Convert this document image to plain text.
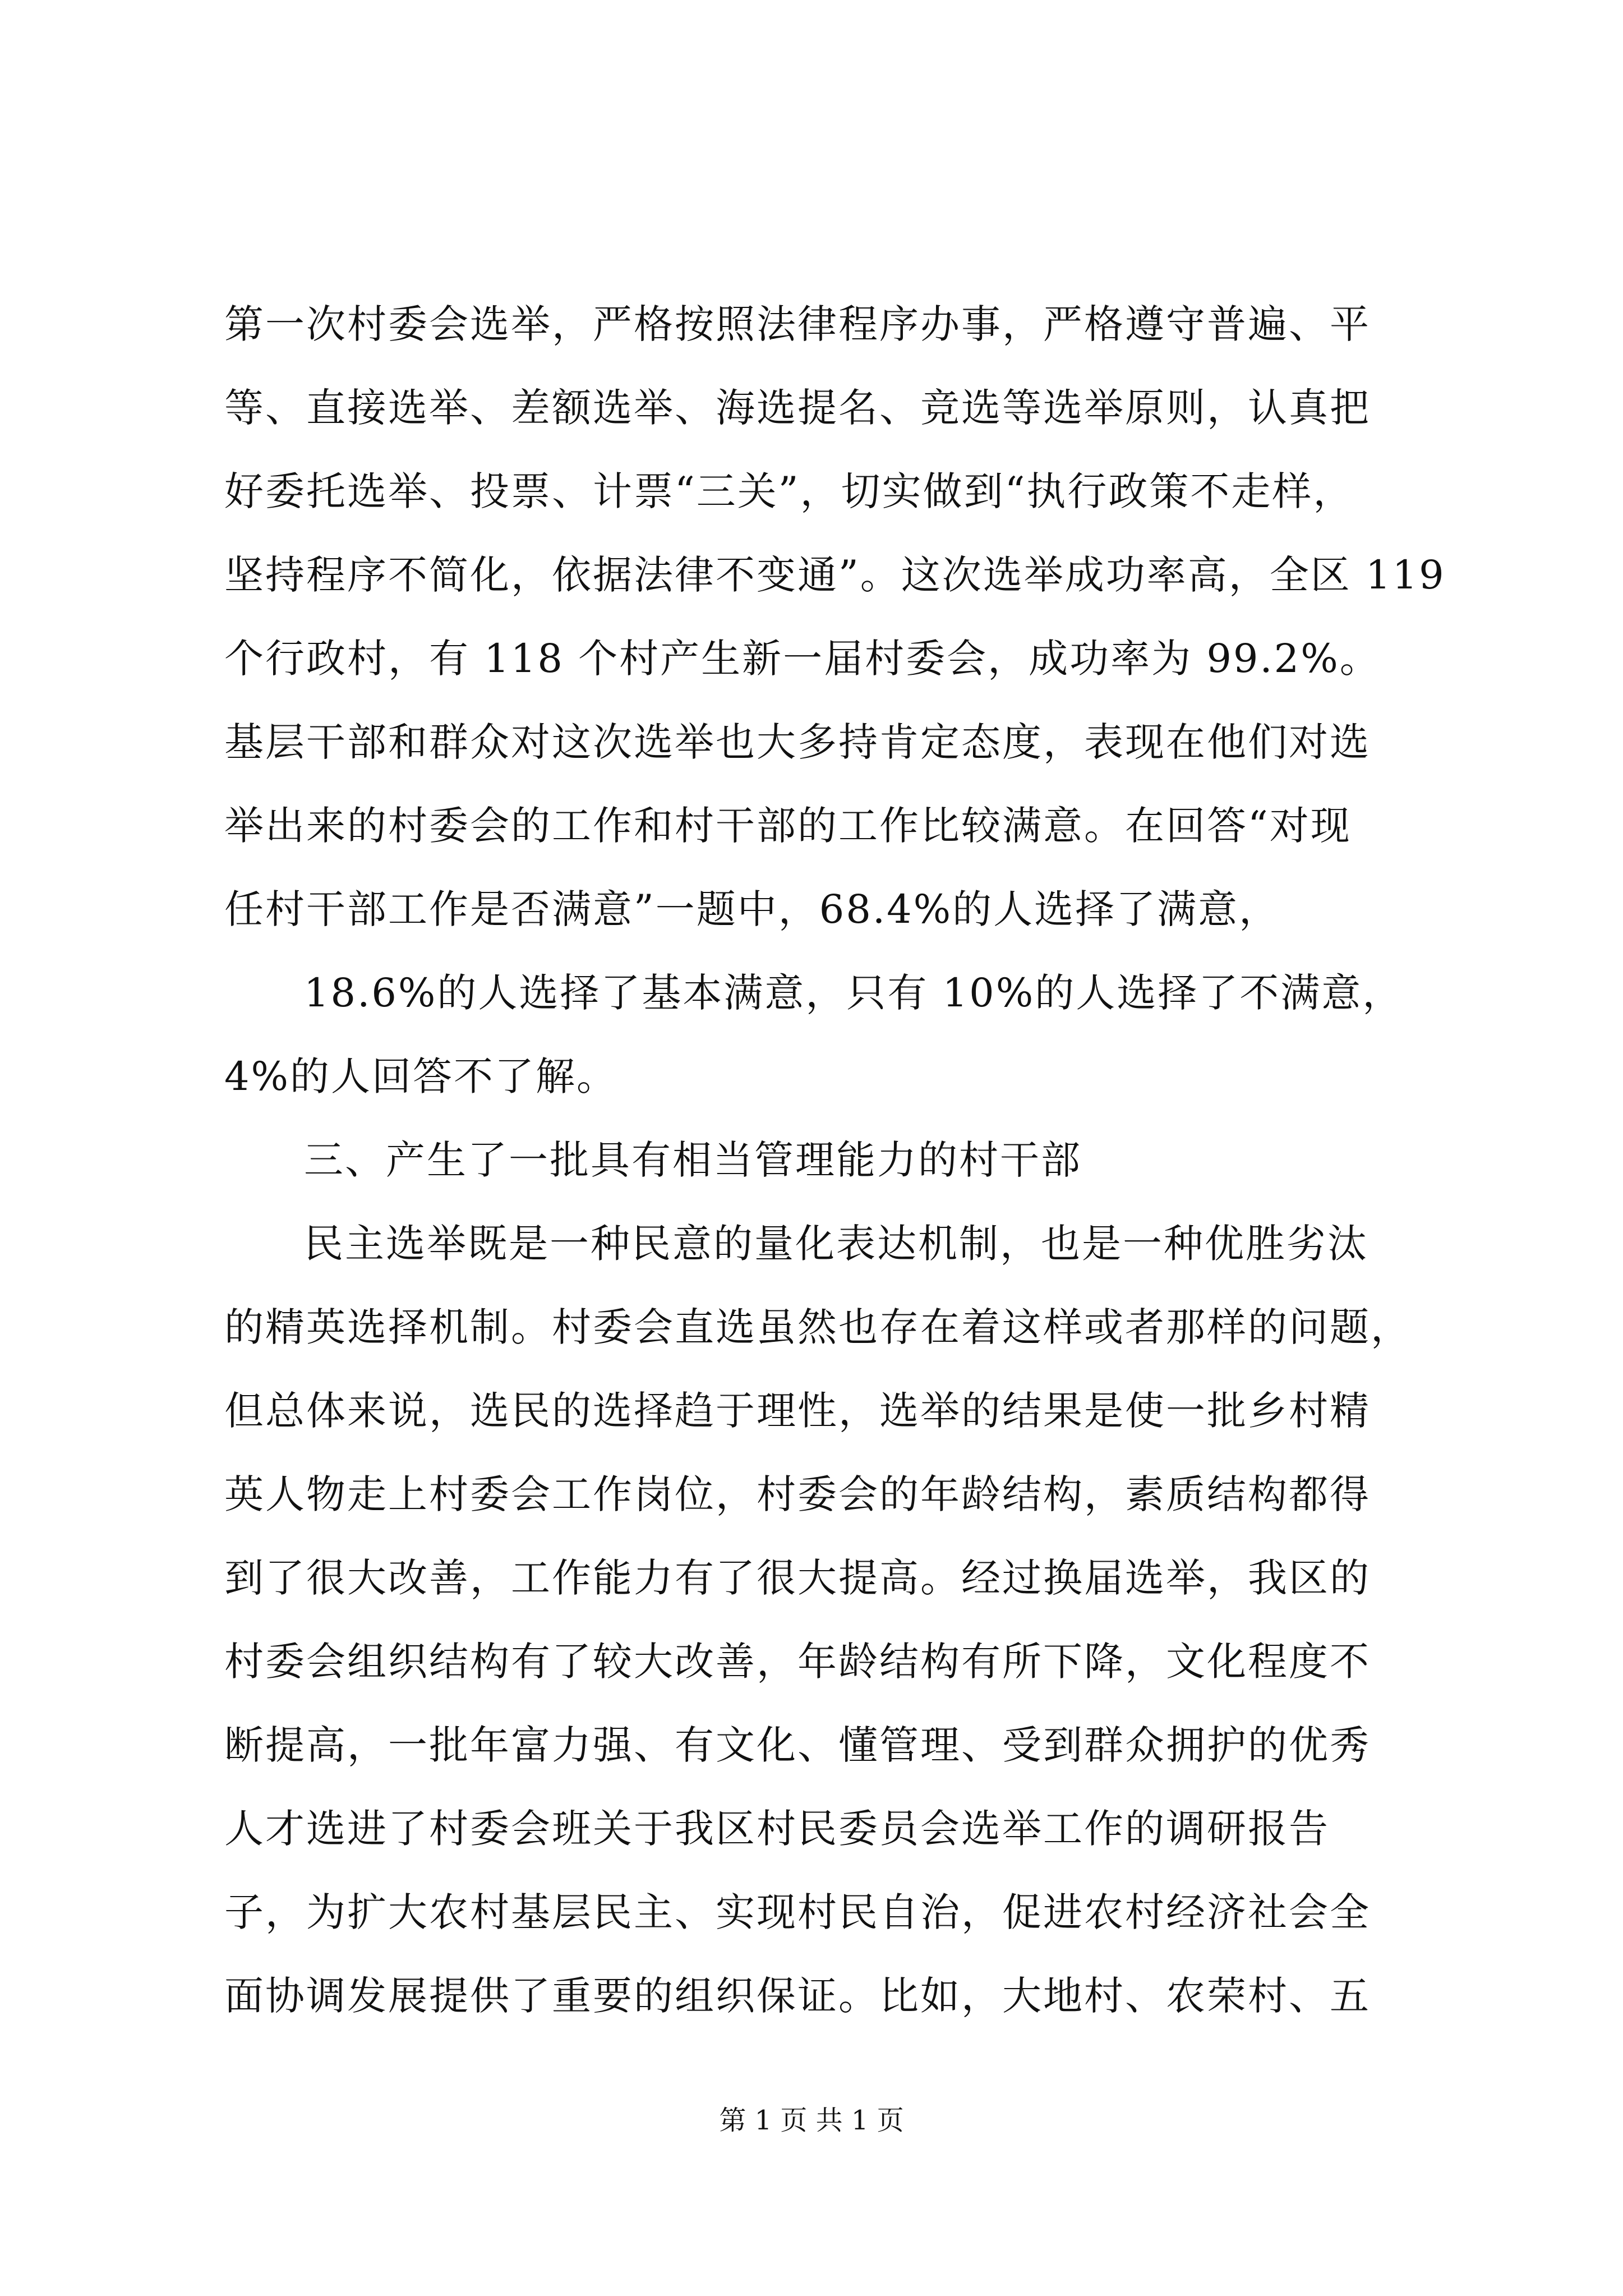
第一次村委会选举，严格按照法律程序办事，严格遵守普遍、平
等、直接选举、差额选举、海选提名、竞选等选举原则，认真把
好委托选举、投票、计票“三关”，切实做到“执行政策不走样，
坚持程序不简化，依据法律不变通”。这次选举成功率高，全区 119
个行政村，有 118 个村产生新一届村委会，成功率为 99.2%。
基层干部和群众对这次选举也大多持肯定态度，表现在他们对选
举出来的村委会的工作和村干部的工作比较满意。在回答“对现
任村干部工作是否满意”一题中，68.4%的人选择了满意，
18.6%的人选择了基本满意，只有 10%的人选择了不满意，
4%的人回答不了解。
三、产生了一批具有相当管理能力的村干部
民主选举既是一种民意的量化表达机制，也是一种优胜劣汰
的精英选择机制。村委会直选虽然也存在着这样或者那样的问题，
但总体来说，选民的选择趋于理性，选举的结果是使一批乡村精
英人物走上村委会工作岗位，村委会的年龄结构，素质结构都得
到了很大改善，工作能力有了很大提高。经过换届选举，我区的
村委会组织结构有了较大改善，年龄结构有所下降，文化程度不
断提高，一批年富力强、有文化、懂管理、受到群众拥护的优秀
人才选进了村委会班关于我区村民委员会选举工作的调研报告
子，为扩大农村基层民主、实现村民自治，促进农村经济社会全
面协调发展提供了重要的组织保证。比如，大地村、农荣村、五
第 1 页 共 1 页
